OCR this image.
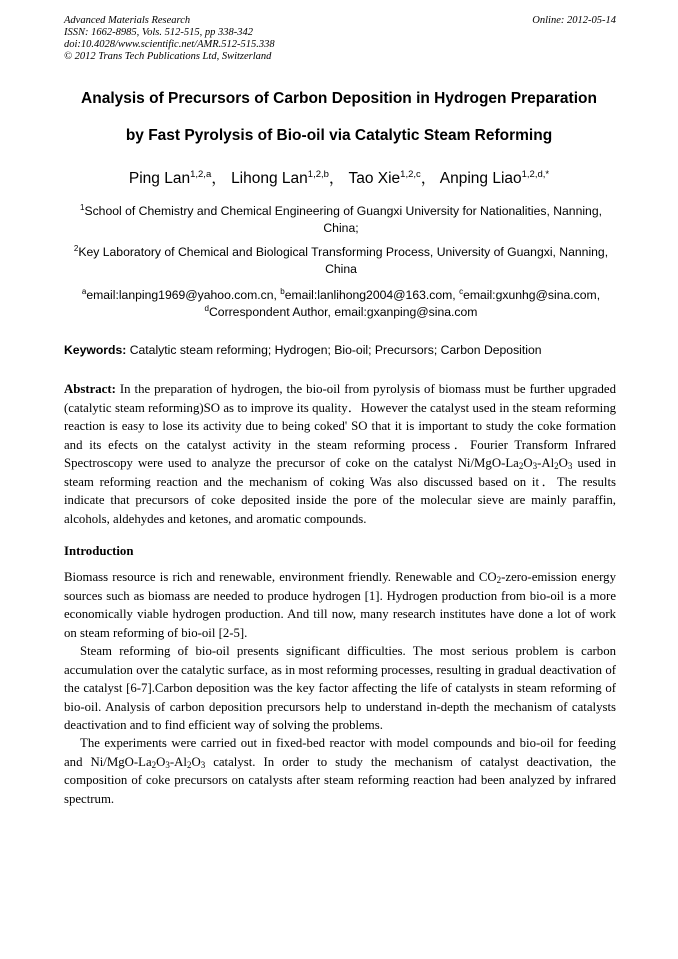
Advanced Materials Research
ISSN: 1662-8985, Vols. 512-515, pp 338-342
doi:10.4028/www.scientific.net/AMR.512-515.338
© 2012 Trans Tech Publications Ltd, Switzerland
Online: 2012-05-14
Analysis of Precursors of Carbon Deposition in Hydrogen Preparation
by Fast Pyrolysis of Bio-oil via Catalytic Steam Reforming
Ping Lan$^{1,2,a}$， Lihong Lan$^{1,2,b}$， Tao Xie$^{1,2,c}$， Anping Liao$^{1,2,d,*}$
$^1$School of Chemistry and Chemical Engineering of Guangxi University for Nationalities, Nanning, China;
$^2$Key Laboratory of Chemical and Biological Transforming Process, University of Guangxi, Nanning, China
$^a$email:lanping1969@yahoo.com.cn, $^b$email:lanlihong2004@163.com, $^c$email:gxunhg@sina.com,
$^d$Correspondent Author, email:gxanping@sina.com
Keywords: Catalytic steam reforming; Hydrogen; Bio-oil; Precursors; Carbon Deposition
Abstract: In the preparation of hydrogen, the bio-oil from pyrolysis of biomass must be further upgraded (catalytic steam reforming)SO as to improve its quality．However the catalyst used in the steam reforming reaction is easy to lose its activity due to being coked' SO that it is important to study the coke formation and its efects on the catalyst activity in the steam reforming process．Fourier Transform Infrared Spectroscopy were used to analyze the precursor of coke on the catalyst $Ni/MgO-La_2O_3-Al_2O_3$ used in steam reforming reaction and the mechanism of coking Was also discussed based on it．The results indicate that precursors of coke deposited inside the pore of the molecular sieve are mainly paraffin, alcohols, aldehydes and ketones, and aromatic compounds.
Introduction
Biomass resource is rich and renewable, environment friendly. Renewable and $CO_2-zero$-emission energy sources such as biomass are needed to produce hydrogen [1]. Hydrogen production from bio-oil is a more economically viable hydrogen production. And till now, many research institutes have done a lot of work on steam reforming of bio-oil [2-5].
Steam reforming of bio-oil presents significant difficulties. The most serious problem is carbon accumulation over the catalytic surface, as in most reforming processes, resulting in gradual deactivation of the catalyst [6-7].Carbon deposition was the key factor affecting the life of catalysts in steam reforming of bio-oil. Analysis of carbon deposition precursors help to understand in-depth the mechanism of catalysts deactivation and to find efficient way of solving the problems.
The experiments were carried out in fixed-bed reactor with model compounds and bio-oil for feeding and $Ni/MgO-La_2O_3-Al_2O_3$ catalyst. In order to study the mechanism of catalyst deactivation, the composition of coke precursors on catalysts after steam reforming reaction had been analyzed by infrared spectrum.
